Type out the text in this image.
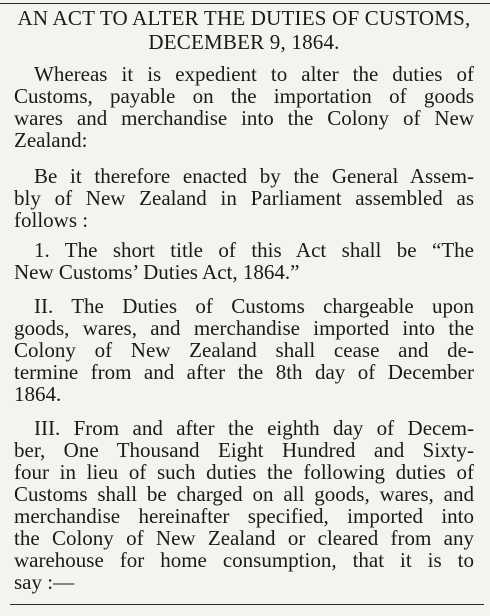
AN ACT TO ALTER THE DUTIES OF CUSTOMS,
DECEMBER 9, 1864.
Whereas it is expedient to alter the duties of
Customs, payable on the importation of goods
wares and merchandise into the Colony of New
Zealand:
Be it therefore enacted by the General Assem-
bly of New Zealand in Parliament assembled as
follows :
1. The short title of this Act shall be “The
New Customs’ Duties Act, 1864.”
II. The Duties of Customs chargeable upon
goods, wares, and merchandise imported into the
Colony of New Zealand shall cease and de-
termine from and after the 8th day of December
1864.
III. From and after the eighth day of Decem-
ber, One Thousand Eight Hundred and Sixty-
four in lieu of such duties the following duties of
Customs shall be charged on all goods, wares, and
merchandise hereinafter specified, imported into
the Colony of New Zealand or cleared from any
warehouse for home consumption, that it is to
say :—
